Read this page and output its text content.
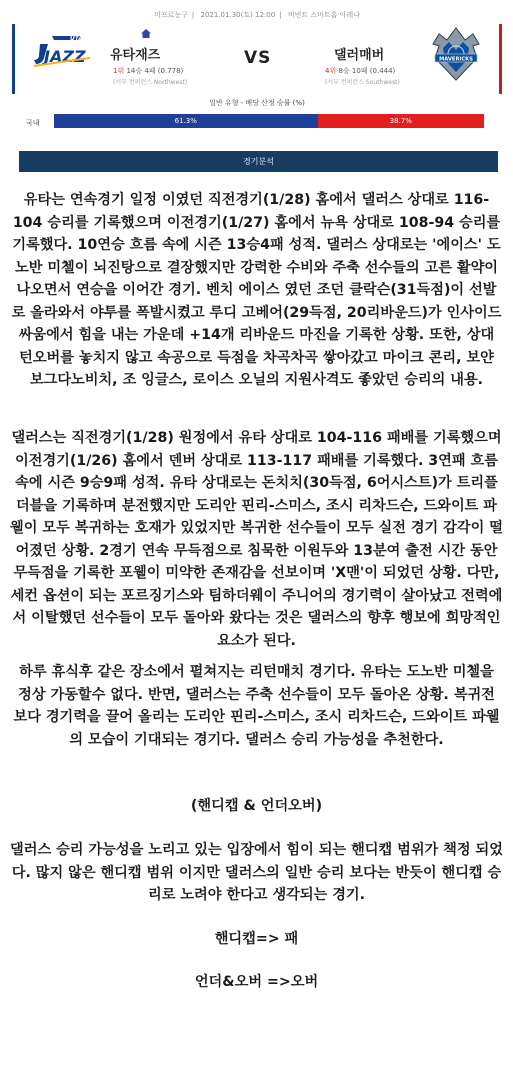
미프로농구 | 2021.01.30(토) 12:00 | 비빈트 스마트홈 아레나
UTAH
JAZZ 유타재즈
1위 14승 4패 (0.778)
(서부 컨퍼런스 Northwest)
VS	댈러매버
4위 8승 10패 (0.444)
(서부 컨퍼런스 Southwest)
MAVERICKS
일반 유형 - 배당 산정 승률 (%)
국내	61.3%	38.7%
경기분석

유타는 연속경기 일정 이였던 직전경기(1/28) 홈에서 댈러스 상대로 116-104 승리를 기록했으며 이전경기(1/27) 홈에서 뉴욕 상대로 108-94 승리를 기록했다. 10연승 흐름 속에 시즌 13승4패 성적. 댈러스 상대로는 '에이스' 도노반 미첼이 뇌진탕으로 결장했지만 강력한 수비와 주축 선수들의 고른 활약이 나오면서 연승을 이어간 경기. 벤치 에이스 였던 조던 클락슨(31득점)이 선발로 올라와서 야투를 폭발시켰고 루디 고베어(29득점, 20리바운드)가 인사이드 싸움에서 힘을 내는 가운데 +14개 리바운드 마진을 기록한 상황. 또한, 상대 턴오버를 놓치지 않고 속공으로 득점을 차곡차곡 쌓아갔고 마이크 콘리, 보얀 보그다노비치, 조 잉글스, 로이스 오닐의 지원사격도 좋았던 승리의 내용.

댈러스는 직전경기(1/28) 원정에서 유타 상대로 104-116 패배를 기록했으며 이전경기(1/26) 홈에서 덴버 상대로 113-117 패배를 기록했다. 3연패 흐름 속에 시즌 9승9패 성적. 유타 상대로는 돈치치(30득점, 6어시스트)가 트리플 더블을 기록하며 분전했지만 도리안 핀리-스미스, 조시 리차드슨, 드와이트 파웰이 모두 복귀하는 호재가 있었지만 복귀한 선수들이 모두 실전 경기 감각이 떨어졌던 상황. 2경기 연속 무득점으로 침묵한 이원두와 13분여 출전 시간 동안 무득점을 기록한 포웰이 미약한 존재감을 선보이며 'X맨'이 되었던 상황. 다만, 세컨 옵션이 되는 포르징기스와 팀하더웨이 주니어의 경기력이 살아났고 전력에서 이탈했던 선수들이 모두 돌아와 왔다는 것은 댈러스의 향후 행보에 희망적인 요소가 된다.

하루 휴식후 같은 장소에서 펼쳐지는 리턴매치 경기다. 유타는 도노반 미첼을 정상 가동할수 없다. 반면, 댈러스는 주축 선수들이 모두 돌아온 상황. 복귀전 보다 경기력을 끌어 올리는 도리안 핀리-스미스, 조시 리차드슨, 드와이트 파웰의 모습이 기대되는 경기다. 댈러스 승리 가능성을 추천한다.

(핸디캡 & 언더오버)

댈러스 승리 가능성을 노리고 있는 입장에서 힘이 되는 핸디캡 범위가 책정 되었다. 많지 않은 핸디캡 범위 이지만 댈러스의 일반 승리 보다는 반듯이 핸디캡 승리로 노려야 한다고 생각되는 경기.

핸디캡=> 패

언더&오버 =>오버
